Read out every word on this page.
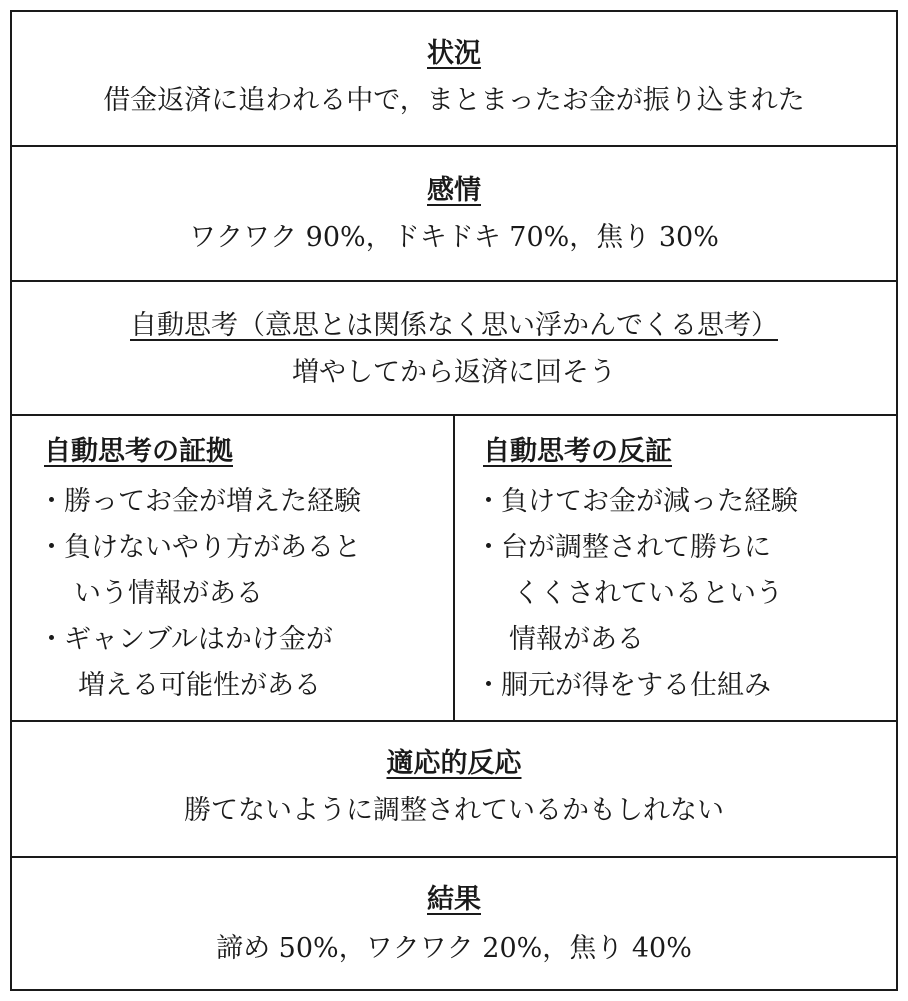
状況
借金返済に追われる中で，まとまったお金が振り込まれた
感情
ワクワク 90%，ドキドキ 70%，焦り 30%
自動思考（意思とは関係なく思い浮かんでくる思考）
増やしてから返済に回そう
自動思考の証拠
・ 勝ってお金が増えた経験
・ 負けないやり方があると
いう情報がある
・ ギャンブルはかけ金が
増える可能性がある
自動思考の反証
・ 負けてお金が減った経験
・ 台が調整されて勝ちに
くくされているという
情報がある
・ 胴元が得をする仕組み
適応的反応
勝てないように調整されているかもしれない
結果
諦め 50%，ワクワク 20%，焦り 40%
